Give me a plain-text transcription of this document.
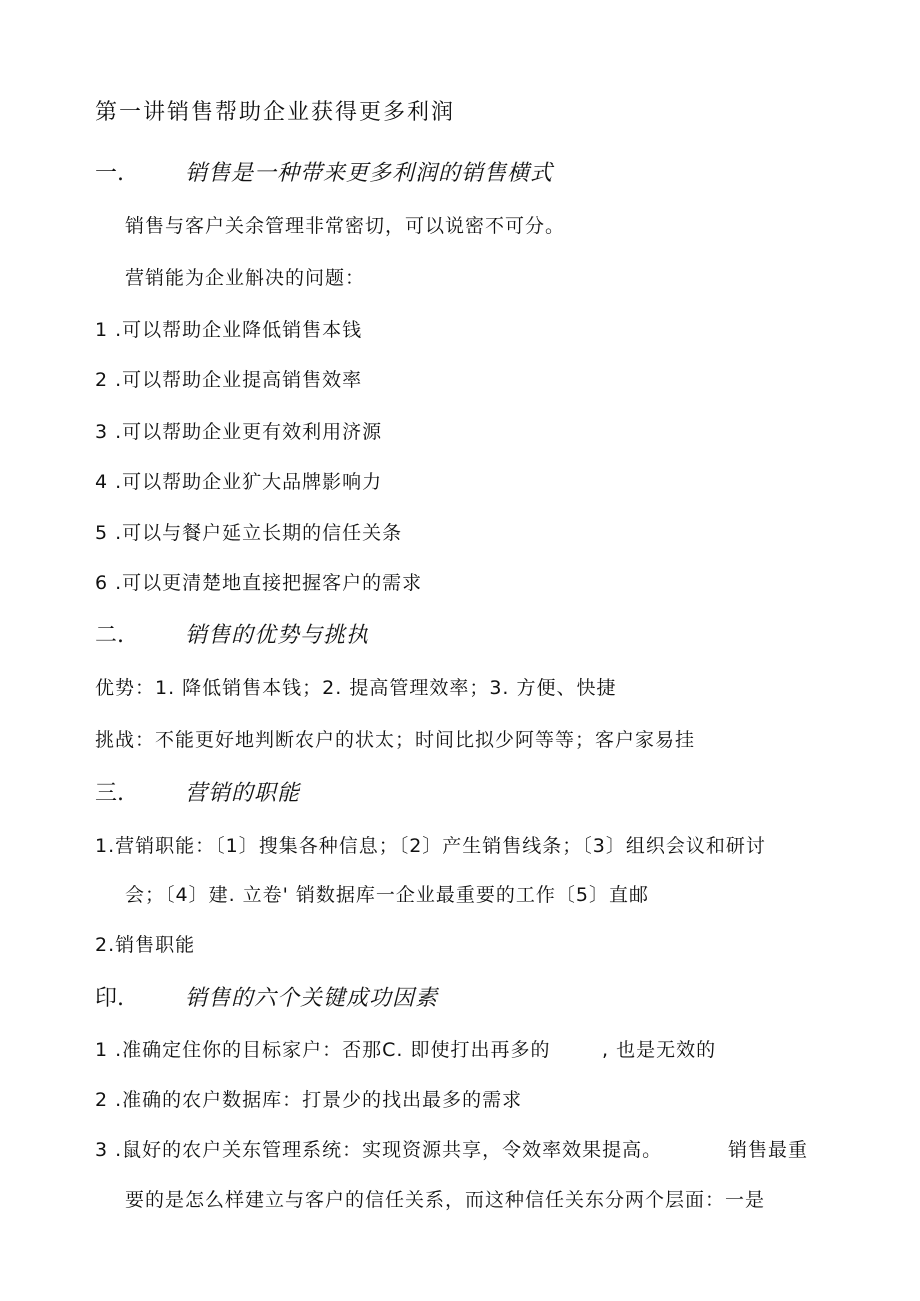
第一讲销售帮助企业获得更多利润
一.	销售是一种带来更多利润的销售横式
销售与客户关余管理非常密切，可以说密不可分。
营销能为企业斛决的问题：
1 .可以帮助企业降低销售本钱
2 .可以帮助企业提高销售效率
3 .可以帮助企业更有效利用济源
4 .可以帮助企业犷大品牌影响力
5 .可以与餐户延立长期的信任关条
6 .可以更清楚地直接把握客户的需求
二.	销售的优势与挑执
优势：1. 降低销售本钱；2. 提高管理效率；3. 方便、快捷
挑战：不能更好地判断农户的状太；时间比拟少阿等等；客户家易挂
三.	营销的职能
1.营销职能：〔1〕搜集各种信息；〔2〕产生销售线条；〔3〕组织会议和研讨
会；〔4〕建. 立卷' 销数据库一企业最重要的工作〔5〕直邮
2.销售职能
印.	销售的六个关键成功因素
1 .准确定住你的目标家户：否那C. 即使打出再多的	, 也是无效的
2 .准确的农户数据库：打景少的找出最多的需求
3 .鼠好的农户关东管理系统：实现资源共享，令效率效果提高。	销售最重
要的是怎么样建立与客户的信任关系，而这种信任关东分两个层面：一是
